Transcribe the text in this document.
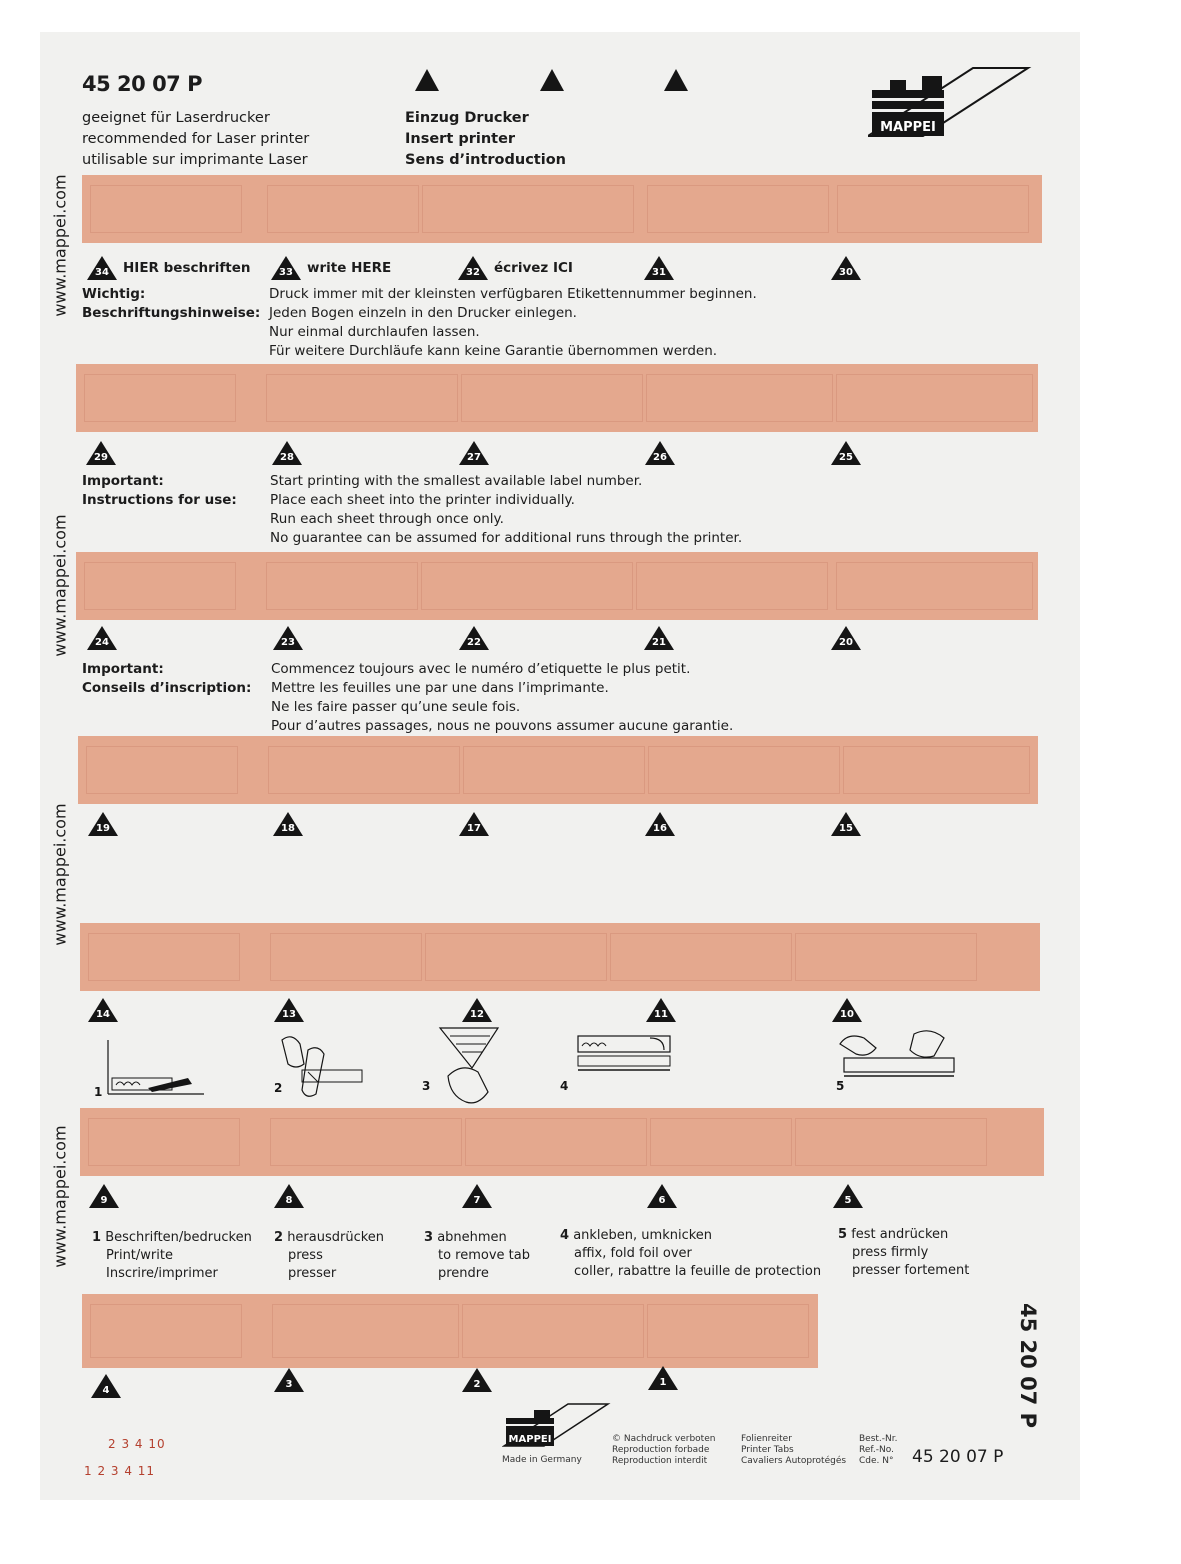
45 20 07 P
geeignet für Laserdrucker
recommended for Laser printer
utilisable sur imprimante Laser
Einzug Drucker
Insert printer
Sens d’introduction
MAPPEI
www.mappei.com
www.mappei.com
www.mappei.com
www.mappei.com
34	HIER beschriften	33	write HERE	32	écrivez ICI	31	30
Wichtig:
Beschriftungshinweise:
Druck immer mit der kleinsten verfügbaren Etikettennummer beginnen.
Jeden Bogen einzeln in den Drucker einlegen.
Nur einmal durchlaufen lassen.
Für weitere Durchläufe kann keine Garantie übernommen werden.
29	28	27	26	25
Important:
Instructions for use:
Start printing with the smallest available label number.
Place each sheet into the printer individually.
Run each sheet through once only.
No guarantee can be assumed for additional runs through the printer.
24	23	22	21	20
Important:
Conseils d’inscription:
Commencez toujours avec le numéro d’etiquette le plus petit.
Mettre les feuilles une par une dans l’imprimante.
Ne les faire passer qu’une seule fois.
Pour d’autres passages, nous ne pouvons assumer aucune garantie.
19	18	17	16	15
14	13	12	11	10
1	2	3	4	5
9	8	7	6	5
1 Beschriften/bedrucken
Print/write
Inscrire/imprimer
2 herausdrücken
press
presser
3 abnehmen
to remove tab
prendre
4 ankleben, umknicken
affix, fold foil over
coller, rabattre la feuille de protection
5 fest andrücken
press firmly
presser fortement
4
3	2	1	45 20 07 P
2 3 4 10
1 2 3 4 11
MAPPEI
Made in Germany
© Nachdruck verboten
Reproduction forbade
Reproduction interdit
Folienreiter
Printer Tabs
Cavaliers Autoprotégés
Best.-Nr.
Ref.-No.
Cde. N° 45 20 07 P
